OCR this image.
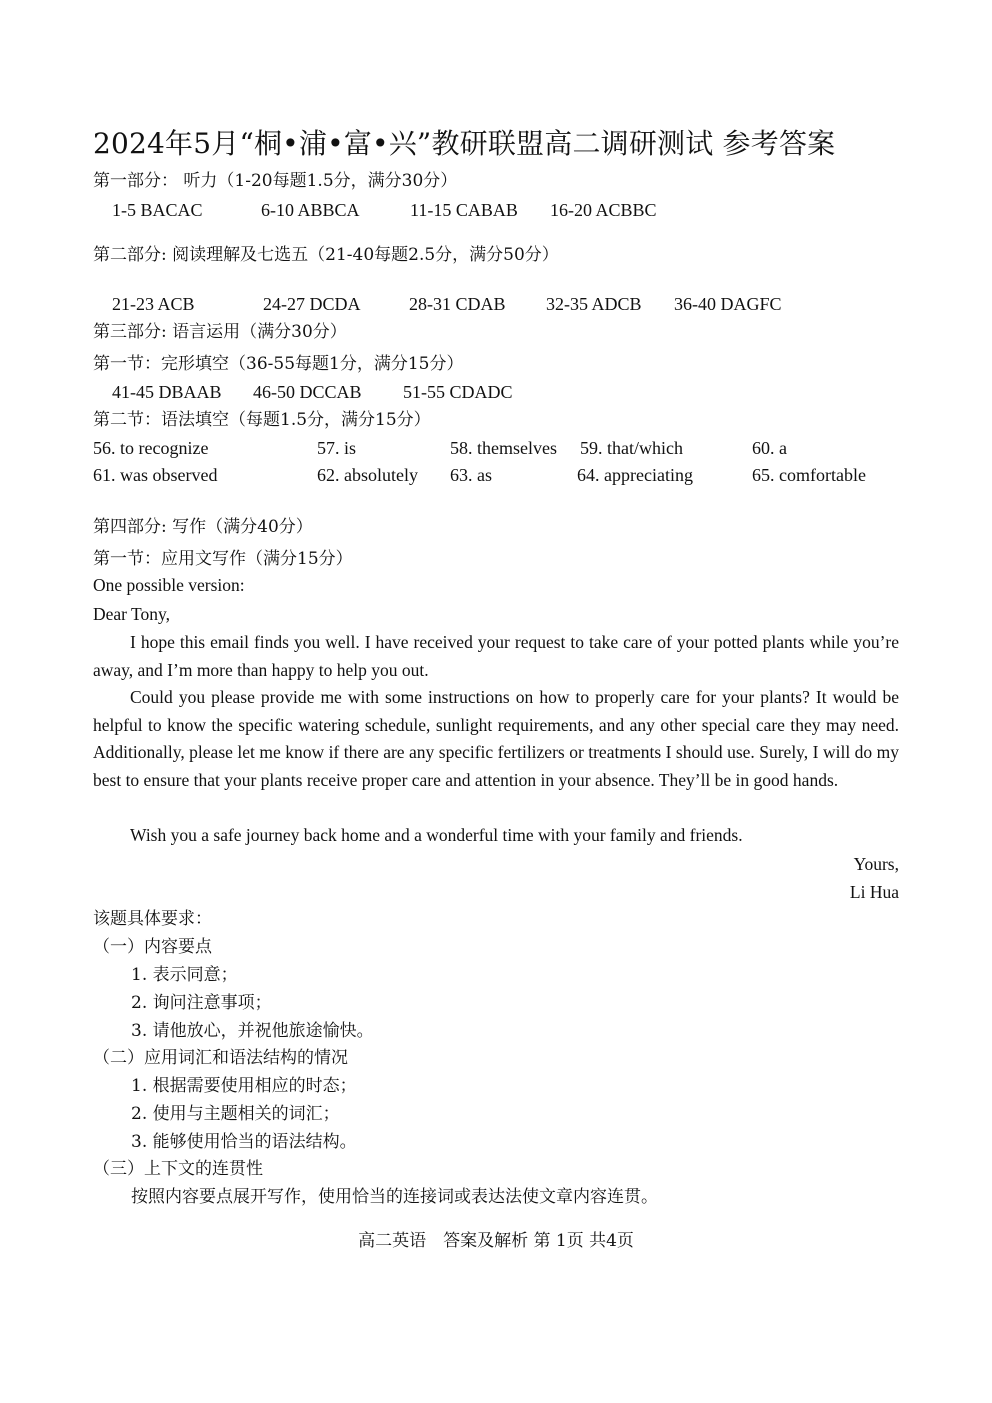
2024年5月“桐•浦•富•兴”教研联盟高二调研测试 参考答案
第一部分： 听力（1-20每题1.5分，满分30分）
1-5 BACAC	6-10 ABBCA	11-15 CABAB 16-20 ACBBC
第二部分: 阅读理解及七选五（21-40每题2.5分，满分50分）
21-23 ACB	24-27 DCDA	28-31 CDAB 32-35 ADCB 36-40 DAGFC
第三部分: 语言运用（满分30分）
第一节：完形填空（36-55每题1分，满分15分）
41-45 DBAAB 46-50 DCCAB 51-55 CDADC
第二节：语法填空（每题1.5分，满分15分）
56. to recognize	57. is	58. themselves 59. that/which	60. a
61. was observed	62. absolutely 63. as	64. appreciating	65. comfortable
第四部分: 写作（满分40分）
第一节：应用文写作（满分15分）
One possible version:
Dear Tony,
I hope this email finds you well. I have received your request to take care of your potted plants while you’re away, and I’m more than happy to help you out.
Could you please provide me with some instructions on how to properly care for your plants? It would be helpful to know the specific watering schedule, sunlight requirements, and any other special care they may need. Additionally, please let me know if there are any specific fertilizers or treatments I should use. Surely, I will do my best to ensure that your plants receive proper care and attention in your absence. They’ll be in good hands.
Wish you a safe journey back home and a wonderful time with your family and friends.
Yours,
Li Hua
该题具体要求：
（一）内容要点
1. 表示同意；
2. 询问注意事项；
3. 请他放心，并祝他旅途愉快。
（二）应用词汇和语法结构的情况
1. 根据需要使用相应的时态；
2. 使用与主题相关的词汇；
3. 能够使用恰当的语法结构。
（三）上下文的连贯性
按照内容要点展开写作，使用恰当的连接词或表达法使文章内容连贯。
高二英语　答案及解析 第 1页 共4页
